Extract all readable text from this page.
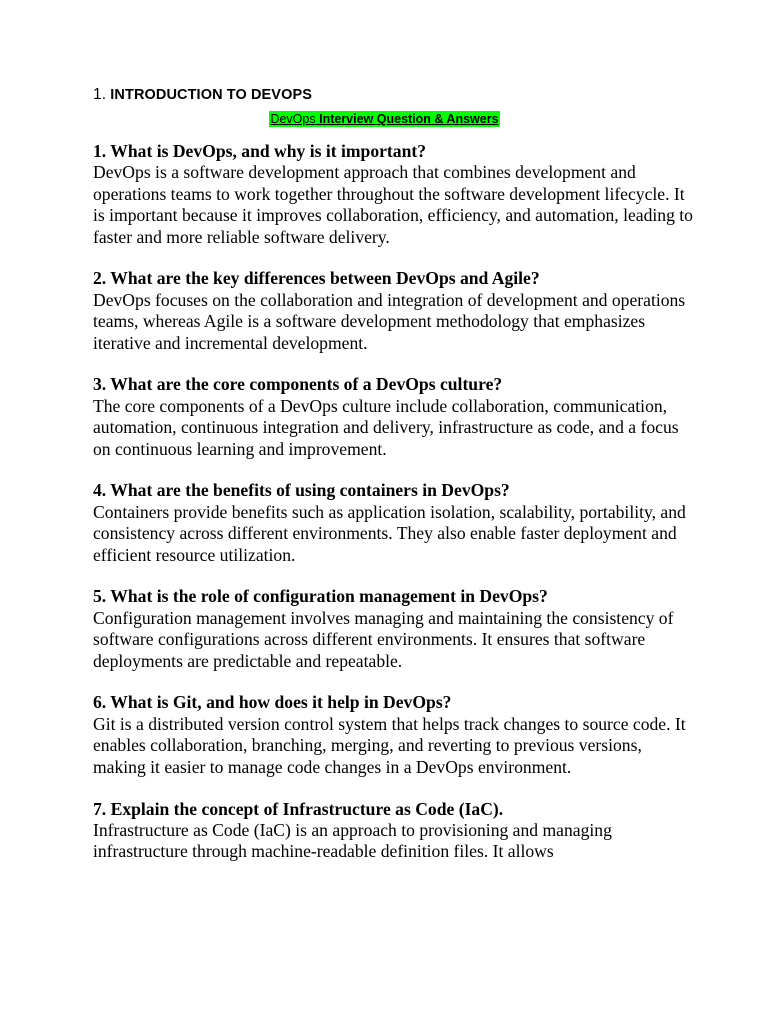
1. INTRODUCTION TO DEVOPS
DevOps Interview Question & Answers

1. What is DevOps, and why is it important?

DevOps is a software development approach that combines development and operations teams to work together throughout the software development lifecycle. It is important because it improves collaboration, efficiency, and automation, leading to faster and more reliable software delivery.

2. What are the key differences between DevOps and Agile?

DevOps focuses on the collaboration and integration of development and operations teams, whereas Agile is a software development methodology that emphasizes iterative and incremental development.

3. What are the core components of a DevOps culture?

The core components of a DevOps culture include collaboration, communication, automation, continuous integration and delivery, infrastructure as code, and a focus on continuous learning and improvement.

4. What are the benefits of using containers in DevOps?

Containers provide benefits such as application isolation, scalability, portability, and consistency across different environments. They also enable faster deployment and efficient resource utilization.

5. What is the role of configuration management in DevOps?

Configuration management involves managing and maintaining the consistency of software configurations across different environments. It ensures that software deployments are predictable and repeatable.

6. What is Git, and how does it help in DevOps?

Git is a distributed version control system that helps track changes to source code. It enables collaboration, branching, merging, and reverting to previous versions, making it easier to manage code changes in a DevOps environment.

7. Explain the concept of Infrastructure as Code (IaC).

Infrastructure as Code (IaC) is an approach to provisioning and managing infrastructure through machine-readable definition files. It allows
